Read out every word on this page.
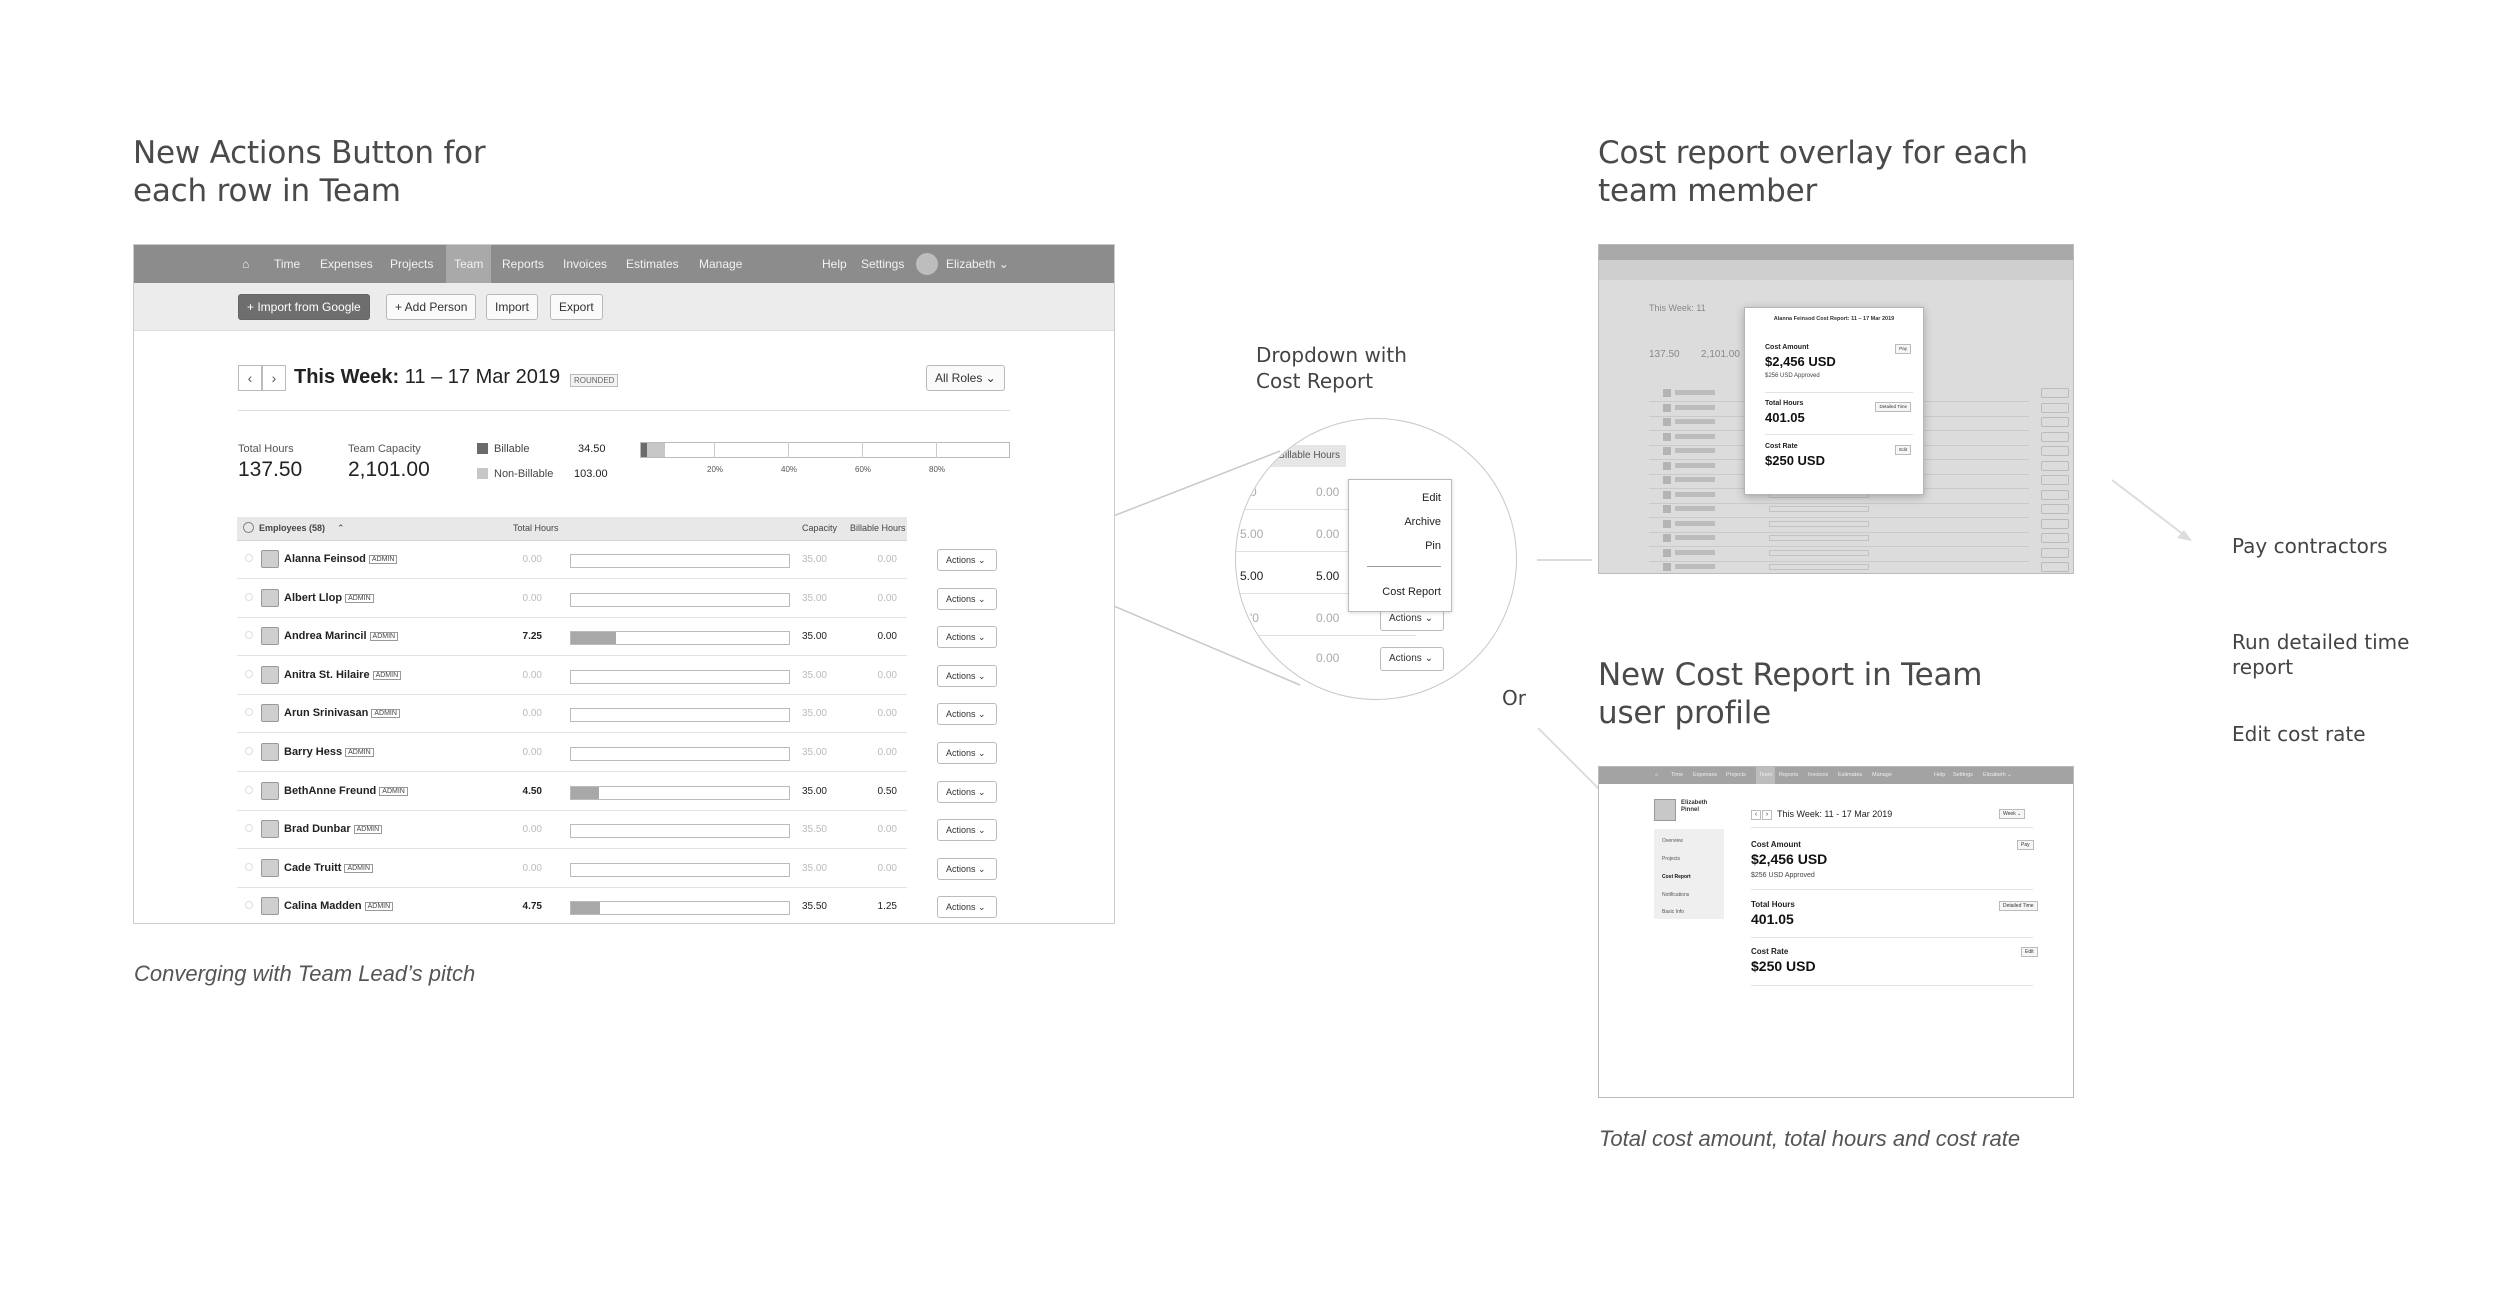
New Actions Button for
each row in Team
Cost report overlay for each
team member
New Cost Report in Team
user profile
Dropdown with
Cost Report
Converging with Team Lead’s pitch
Total cost amount, total hours and cost rate
Or
Pay contractors
Run detailed time report
Edit cost rate
⌂ Time Expenses Projects	Team	Reports Invoices Estimates Manage	Help Settings	Elizabeth ⌄
+ Import from Google	+ Add Person	Import	Export
‹	› This Week: 11 – 17 Mar 2019	ROUNDED	All Roles ⌄
Total Hours
137.50
Team Capacity
2,101.00
Billable	34.50
Non-Billable 103.00	20%	40%	60%	80%
Employees (58) ⌃	Total Hours	Capacity Billable Hours
Alanna Feinsod ADMIN	0.00	35.00	0.00	Actions ⌄
Albert Llop ADMIN	0.00	35.00	0.00	Actions ⌄
Andrea Marincil ADMIN	7.25	35.00	0.00	Actions ⌄
Anitra St. Hilaire ADMIN	0.00	35.00	0.00	Actions ⌄
Arun Srinivasan ADMIN	0.00	35.00	0.00	Actions ⌄
Barry Hess ADMIN	0.00	35.00	0.00	Actions ⌄
BethAnne Freund ADMIN	4.50	35.00	0.50	Actions ⌄
Brad Dunbar ADMIN	0.00	35.50	0.00	Actions ⌄
Cade Truitt ADMIN	0.00	35.00	0.00	Actions ⌄
Calina Madden ADMIN	4.75	35.50	1.25	Actions ⌄
Billable Hours
.00	0.00
5.00	0.00
5.00	5.00
'0	0.00
0.00
Actions ⌄
Actions ⌄
Edit
Archive
Pin
Cost Report
This Week: 11
137.50 2,101.00
Alanna Feinsod Cost Report: 11 – 17 Mar 2019
Cost Amount
$2,456 USD
$256 USD Approved
Pay
Total Hours
401.05
Detailed Time
Cost Rate
$250 USD
Edit
⌂ Time Expenses Projects	Team	Reports Invoices Estimates Manage	Help Settings Elizabeth ⌄
Elizabeth Pinnel
Overview
Projects
Cost Report
Notifications
Basic Info
‹	› This Week: 11 - 17 Mar 2019	Week ⌄
Cost Amount
$2,456 USD
$256 USD Approved
Pay
Total Hours
401.05
Detailed Time
Cost Rate
$250 USD
Edit
